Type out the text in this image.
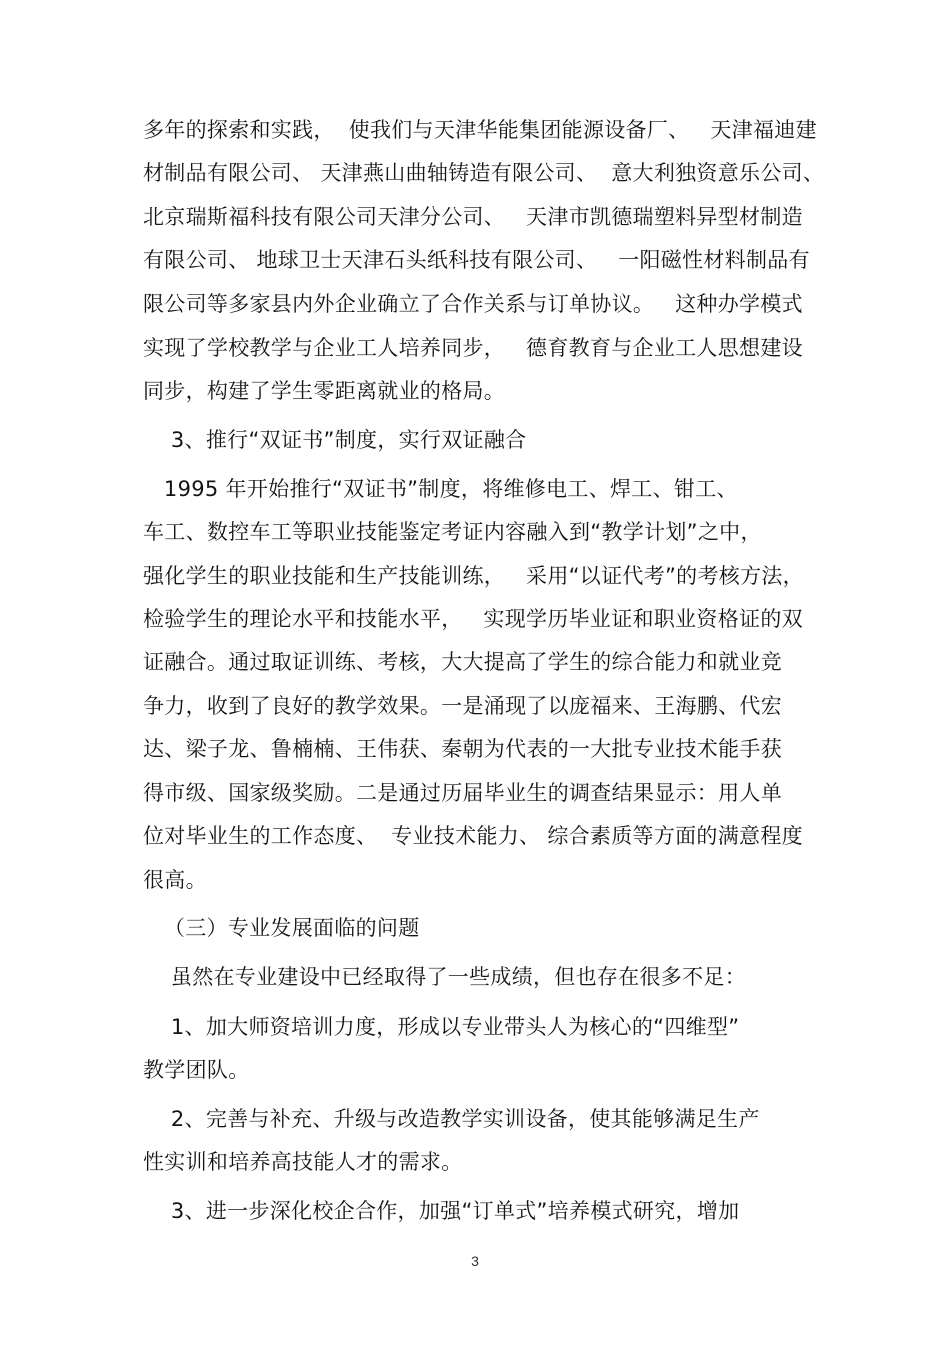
多年的探索和实践，  使我们与天津华能集团能源设备厂、   天津福迪建
材制品有限公司、 天津燕山曲轴铸造有限公司、  意大利独资意乐公司、
北京瑞斯福科技有限公司天津分公司、   天津市凯德瑞塑料异型材制造
有限公司、 地球卫士天津石头纸科技有限公司、   一阳磁性材料制品有
限公司等多家县内外企业确立了合作关系与订单协议。   这种办学模式
实现了学校教学与企业工人培养同步，   德育教育与企业工人思想建设
同步，构建了学生零距离就业的格局。
3、推行“双证书”制度，实行双证融合
1995 年开始推行“双证书”制度，将维修电工、焊工、钳工、
车工、数控车工等职业技能鉴定考证内容融入到“教学计划”之中，
强化学生的职业技能和生产技能训练，   采用“以证代考”的考核方法，
检验学生的理论水平和技能水平，   实现学历毕业证和职业资格证的双
证融合。通过取证训练、考核，大大提高了学生的综合能力和就业竞
争力，收到了良好的教学效果。一是涌现了以庞福来、王海鹏、代宏
达、梁子龙、鲁楠楠、王伟获、秦朝为代表的一大批专业技术能手获
得市级、国家级奖励。二是通过历届毕业生的调查结果显示：用人单
位对毕业生的工作态度、  专业技术能力、 综合素质等方面的满意程度
很高。
（三）专业发展面临的问题
虽然在专业建设中已经取得了一些成绩，但也存在很多不足：
1、加大师资培训力度，形成以专业带头人为核心的“四维型”
教学团队。
2、完善与补充、升级与改造教学实训设备，使其能够满足生产
性实训和培养高技能人才的需求。
3、进一步深化校企合作，加强“订单式”培养模式研究，增加
3
